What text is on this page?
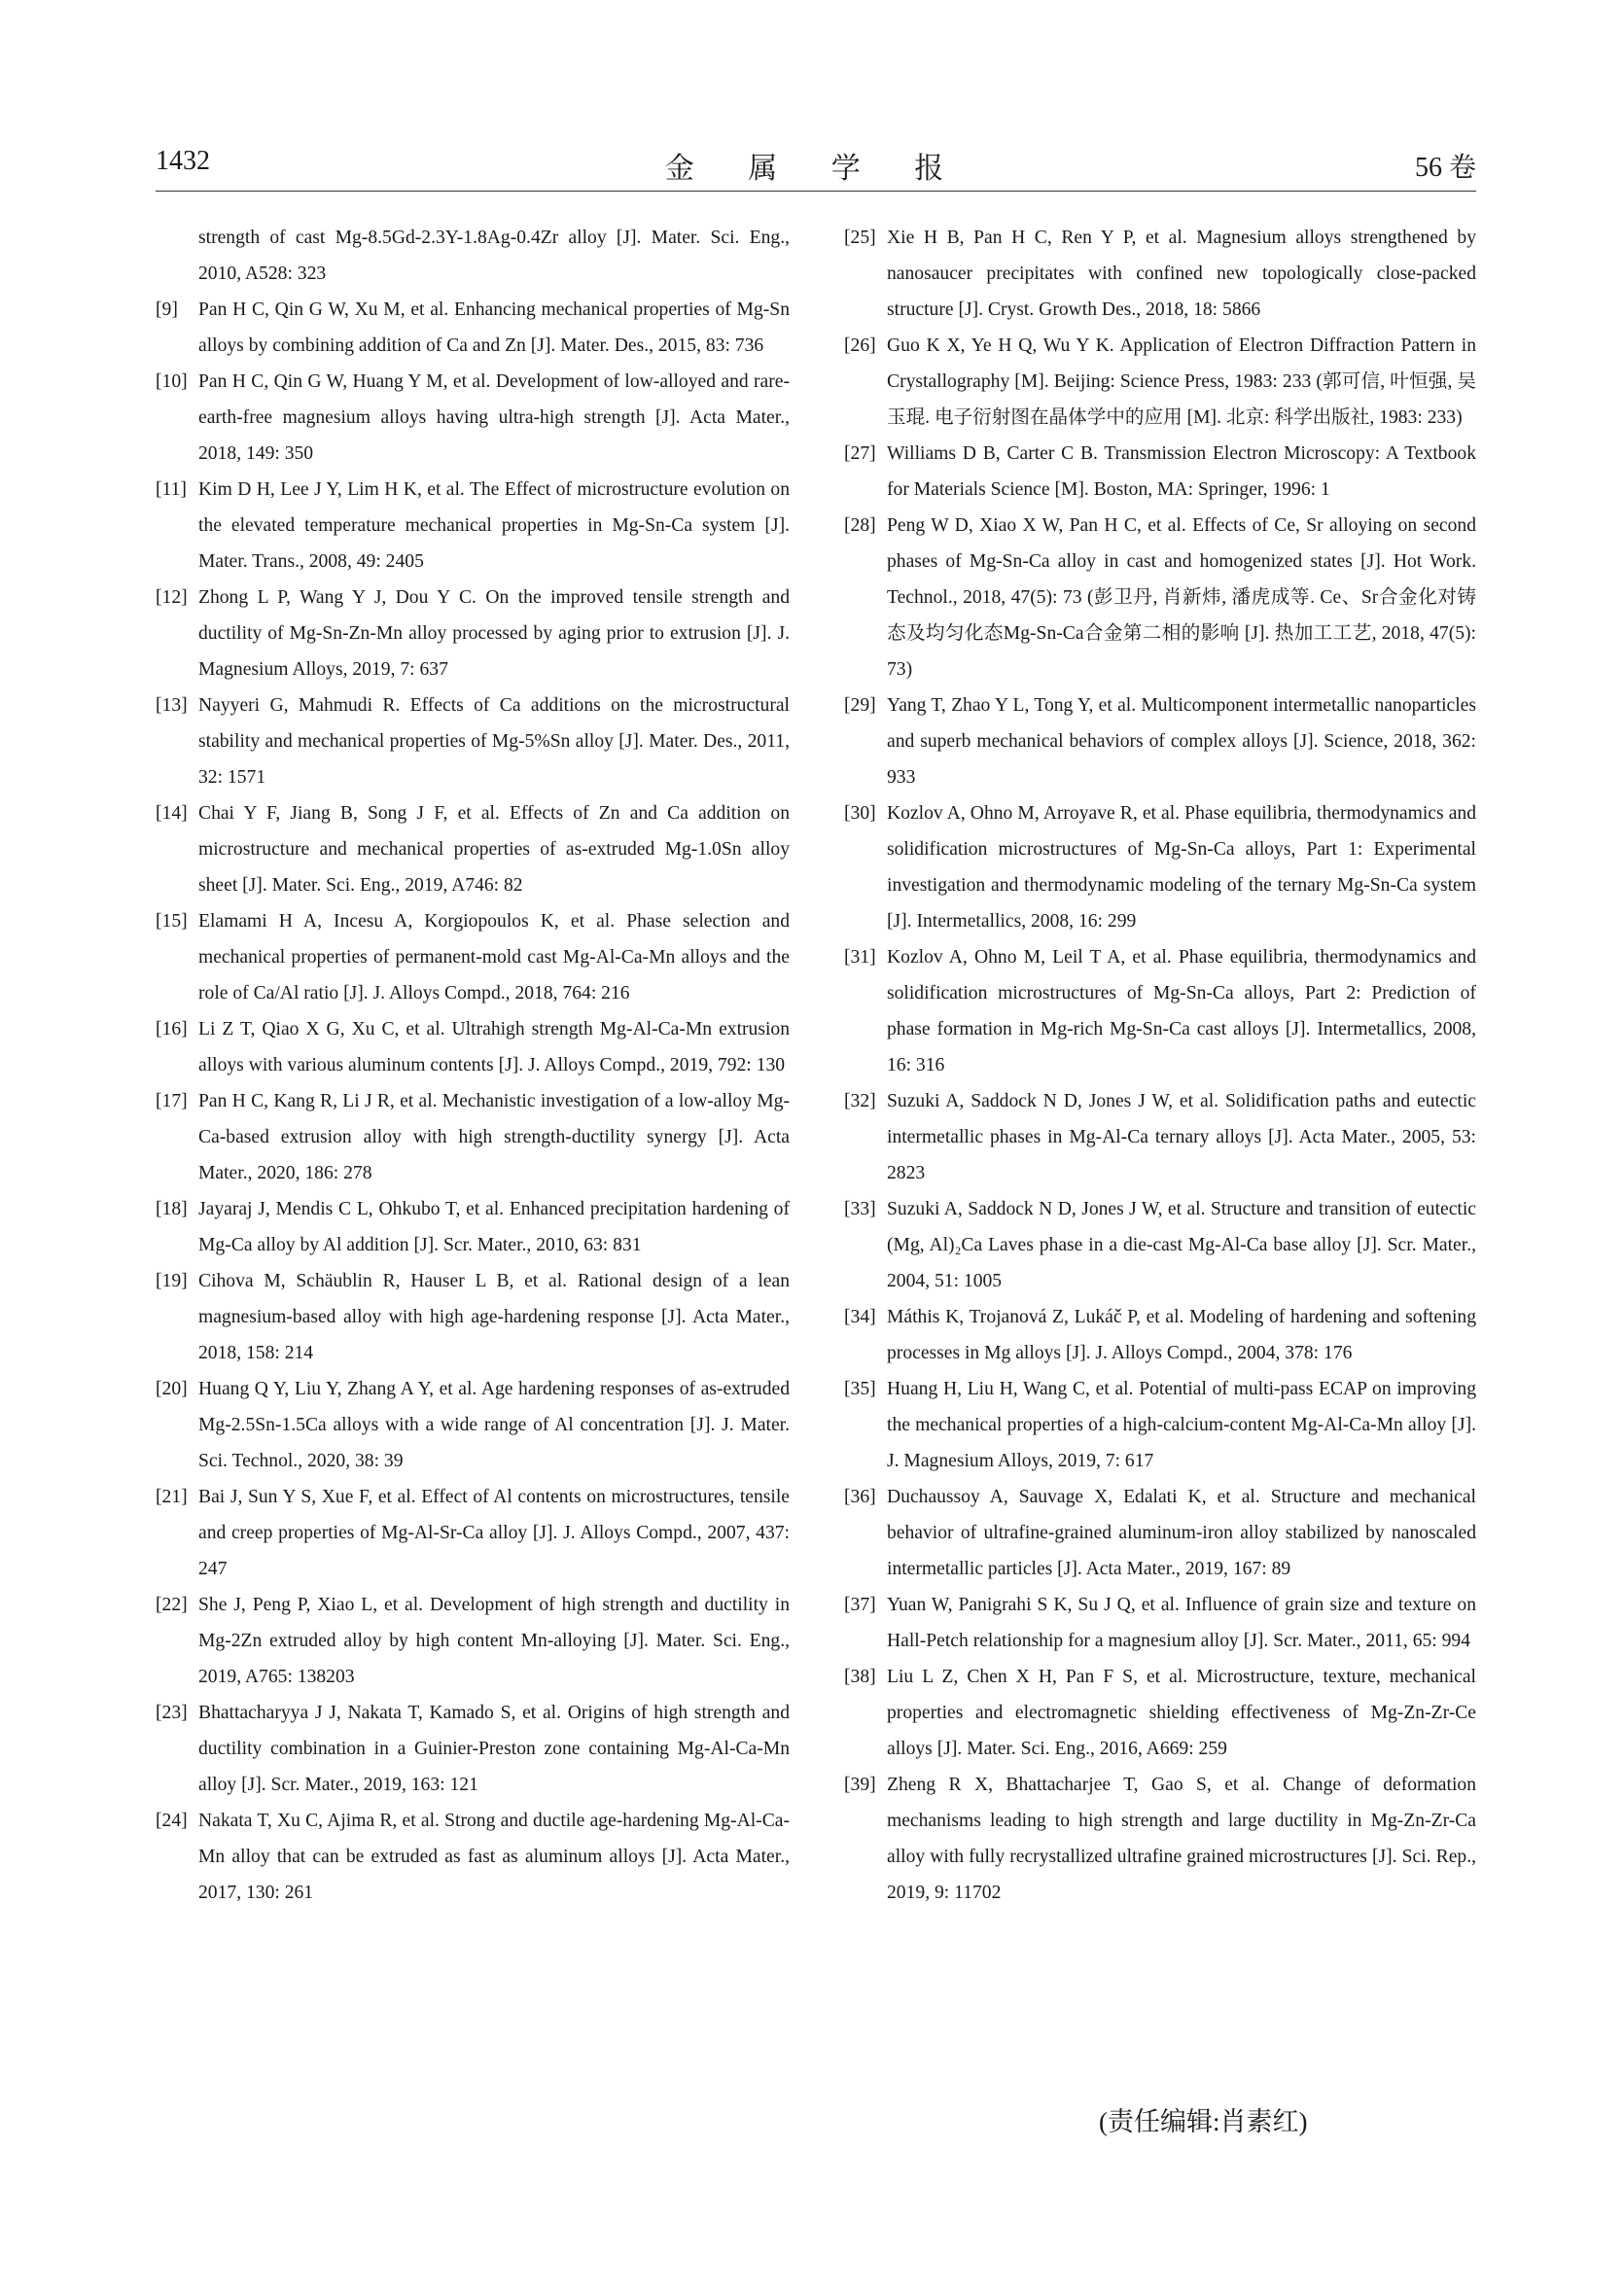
1432	金 属 学 报	56 卷
strength of cast Mg-8.5Gd-2.3Y-1.8Ag-0.4Zr alloy [J]. Mater. Sci. Eng., 2010, A528: 323
[9] Pan H C, Qin G W, Xu M, et al. Enhancing mechanical properties of Mg-Sn alloys by combining addition of Ca and Zn [J]. Mater. Des., 2015, 83: 736
[10] Pan H C, Qin G W, Huang Y M, et al. Development of low-alloyed and rare-earth-free magnesium alloys having ultra-high strength [J]. Acta Mater., 2018, 149: 350
[11] Kim D H, Lee J Y, Lim H K, et al. The Effect of microstructure evolution on the elevated temperature mechanical properties in Mg-Sn-Ca system [J]. Mater. Trans., 2008, 49: 2405
[12] Zhong L P, Wang Y J, Dou Y C. On the improved tensile strength and ductility of Mg-Sn-Zn-Mn alloy processed by aging prior to extrusion [J]. J. Magnesium Alloys, 2019, 7: 637
[13] Nayyeri G, Mahmudi R. Effects of Ca additions on the microstructural stability and mechanical properties of Mg-5%Sn alloy [J]. Mater. Des., 2011, 32: 1571
[14] Chai Y F, Jiang B, Song J F, et al. Effects of Zn and Ca addition on microstructure and mechanical properties of as-extruded Mg-1.0Sn alloy sheet [J]. Mater. Sci. Eng., 2019, A746: 82
[15] Elamami H A, Incesu A, Korgiopoulos K, et al. Phase selection and mechanical properties of permanent-mold cast Mg-Al-Ca-Mn alloys and the role of Ca/Al ratio [J]. J. Alloys Compd., 2018, 764: 216
[16] Li Z T, Qiao X G, Xu C, et al. Ultrahigh strength Mg-Al-Ca-Mn extrusion alloys with various aluminum contents [J]. J. Alloys Compd., 2019, 792: 130
[17] Pan H C, Kang R, Li J R, et al. Mechanistic investigation of a low-alloy Mg-Ca-based extrusion alloy with high strength-ductility synergy [J]. Acta Mater., 2020, 186: 278
[18] Jayaraj J, Mendis C L, Ohkubo T, et al. Enhanced precipitation hardening of Mg-Ca alloy by Al addition [J]. Scr. Mater., 2010, 63: 831
[19] Cihova M, Schäublin R, Hauser L B, et al. Rational design of a lean magnesium-based alloy with high age-hardening response [J]. Acta Mater., 2018, 158: 214
[20] Huang Q Y, Liu Y, Zhang A Y, et al. Age hardening responses of as-extruded Mg-2.5Sn-1.5Ca alloys with a wide range of Al concentration [J]. J. Mater. Sci. Technol., 2020, 38: 39
[21] Bai J, Sun Y S, Xue F, et al. Effect of Al contents on microstructures, tensile and creep properties of Mg-Al-Sr-Ca alloy [J]. J. Alloys Compd., 2007, 437: 247
[22] She J, Peng P, Xiao L, et al. Development of high strength and ductility in Mg-2Zn extruded alloy by high content Mn-alloying [J]. Mater. Sci. Eng., 2019, A765: 138203
[23] Bhattacharyya J J, Nakata T, Kamado S, et al. Origins of high strength and ductility combination in a Guinier-Preston zone containing Mg-Al-Ca-Mn alloy [J]. Scr. Mater., 2019, 163: 121
[24] Nakata T, Xu C, Ajima R, et al. Strong and ductile age-hardening Mg-Al-Ca-Mn alloy that can be extruded as fast as aluminum alloys [J]. Acta Mater., 2017, 130: 261
[25] Xie H B, Pan H C, Ren Y P, et al. Magnesium alloys strengthened by nanosaucer precipitates with confined new topologically close-packed structure [J]. Cryst. Growth Des., 2018, 18: 5866
[26] Guo K X, Ye H Q, Wu Y K. Application of Electron Diffraction Pattern in Crystallography [M]. Beijing: Science Press, 1983: 233 (郭可信, 叶恒强, 吴玉琨. 电子衍射图在晶体学中的应用 [M]. 北京: 科学出版社, 1983: 233)
[27] Williams D B, Carter C B. Transmission Electron Microscopy: A Textbook for Materials Science [M]. Boston, MA: Springer, 1996: 1
[28] Peng W D, Xiao X W, Pan H C, et al. Effects of Ce, Sr alloying on second phases of Mg-Sn-Ca alloy in cast and homogenized states [J]. Hot Work. Technol., 2018, 47(5): 73 (彭卫丹, 肖新炜, 潘虎成等. Ce、Sr合金化对铸态及均匀化态Mg-Sn-Ca合金第二相的影响 [J]. 热加工工艺, 2018, 47(5): 73)
[29] Yang T, Zhao Y L, Tong Y, et al. Multicomponent intermetallic nanoparticles and superb mechanical behaviors of complex alloys [J]. Science, 2018, 362: 933
[30] Kozlov A, Ohno M, Arroyave R, et al. Phase equilibria, thermodynamics and solidification microstructures of Mg-Sn-Ca alloys, Part 1: Experimental investigation and thermodynamic modeling of the ternary Mg-Sn-Ca system [J]. Intermetallics, 2008, 16: 299
[31] Kozlov A, Ohno M, Leil T A, et al. Phase equilibria, thermodynamics and solidification microstructures of Mg-Sn-Ca alloys, Part 2: Prediction of phase formation in Mg-rich Mg-Sn-Ca cast alloys [J]. Intermetallics, 2008, 16: 316
[32] Suzuki A, Saddock N D, Jones J W, et al. Solidification paths and eutectic intermetallic phases in Mg-Al-Ca ternary alloys [J]. Acta Mater., 2005, 53: 2823
[33] Suzuki A, Saddock N D, Jones J W, et al. Structure and transition of eutectic (Mg, Al)₂Ca Laves phase in a die-cast Mg-Al-Ca base alloy [J]. Scr. Mater., 2004, 51: 1005
[34] Máthis K, Trojanová Z, Lukáč P, et al. Modeling of hardening and softening processes in Mg alloys [J]. J. Alloys Compd., 2004, 378: 176
[35] Huang H, Liu H, Wang C, et al. Potential of multi-pass ECAP on improving the mechanical properties of a high-calcium-content Mg-Al-Ca-Mn alloy [J]. J. Magnesium Alloys, 2019, 7: 617
[36] Duchaussoy A, Sauvage X, Edalati K, et al. Structure and mechanical behavior of ultrafine-grained aluminum-iron alloy stabilized by nanoscaled intermetallic particles [J]. Acta Mater., 2019, 167: 89
[37] Yuan W, Panigrahi S K, Su J Q, et al. Influence of grain size and texture on Hall-Petch relationship for a magnesium alloy [J]. Scr. Mater., 2011, 65: 994
[38] Liu L Z, Chen X H, Pan F S, et al. Microstructure, texture, mechanical properties and electromagnetic shielding effectiveness of Mg-Zn-Zr-Ce alloys [J]. Mater. Sci. Eng., 2016, A669: 259
[39] Zheng R X, Bhattacharjee T, Gao S, et al. Change of deformation mechanisms leading to high strength and large ductility in Mg-Zn-Zr-Ca alloy with fully recrystallized ultrafine grained microstructures [J]. Sci. Rep., 2019, 9: 11702
(责任编辑:肖素红)
